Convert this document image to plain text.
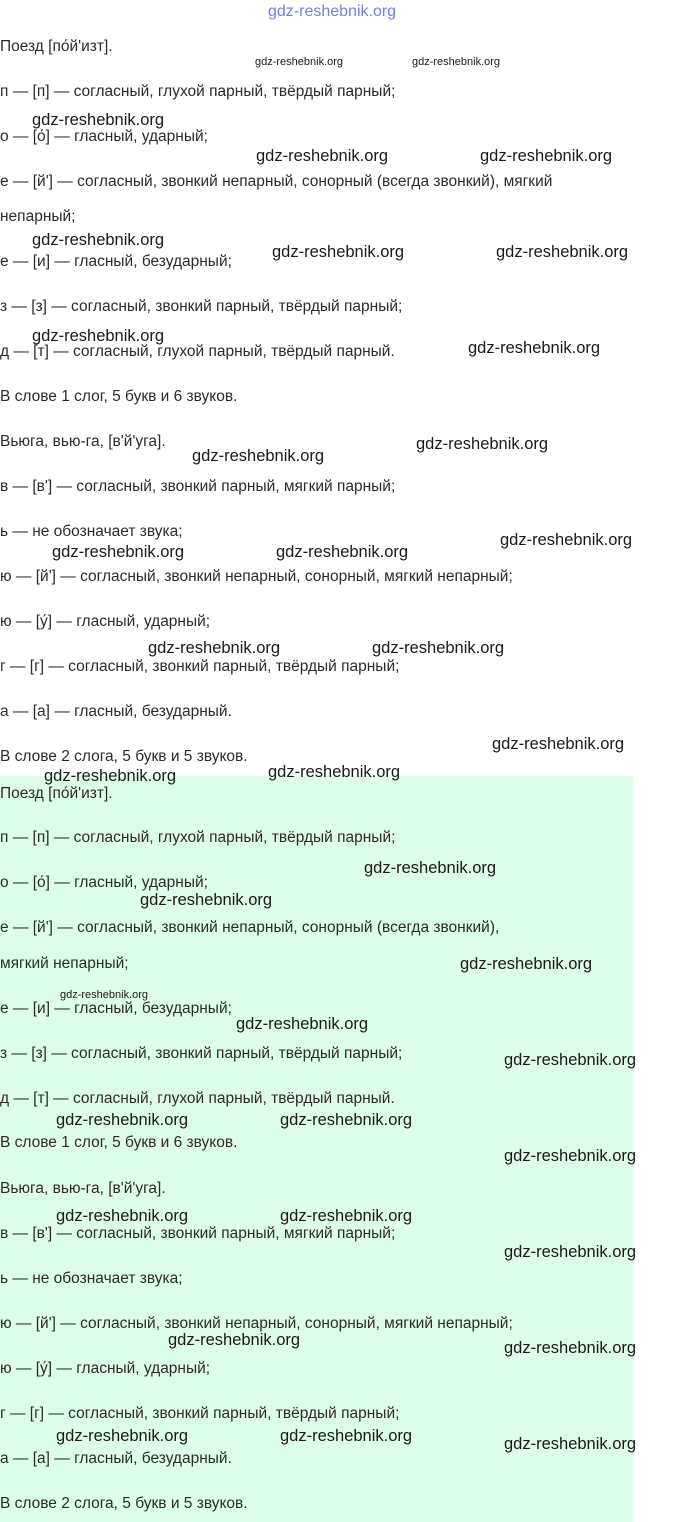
gdz-reshebnik.org
Поезд [по́й'изт].
п — [п] — согласный, глухой парный, твёрдый парный;
о — [о́] — гласный, ударный;
е — [й'] — согласный, звонкий непарный, сонорный (всегда звонкий), мягкий
непарный;
е — [и] — гласный, безударный;
з — [з] — согласный, звонкий парный, твёрдый парный;
д — [т] — согласный, глухой парный, твёрдый парный.
В слове 1 слог, 5 букв и 6 звуков.
Вьюга, вью-га, [в'й'уга].
в — [в'] — согласный, звонкий парный, мягкий парный;
ь — не обозначает звука;
ю — [й'] — согласный, звонкий непарный, сонорный, мягкий непарный;
ю — [у́] — гласный, ударный;
г — [г] — согласный, звонкий парный, твёрдый парный;
а — [а] — гласный, безударный.
В слове 2 слога, 5 букв и 5 звуков.
Поезд [по́й'изт].
п — [п] — согласный, глухой парный, твёрдый парный;
о — [о́] — гласный, ударный;
е — [й'] — согласный, звонкий непарный, сонорный (всегда звонкий),
мягкий непарный;
е — [и] — гласный, безударный;
з — [з] — согласный, звонкий парный, твёрдый парный;
д — [т] — согласный, глухой парный, твёрдый парный.
В слове 1 слог, 5 букв и 6 звуков.
Вьюга, вью-га, [в'й'уга].
в — [в'] — согласный, звонкий парный, мягкий парный;
ь — не обозначает звука;
ю — [й'] — согласный, звонкий непарный, сонорный, мягкий непарный;
ю — [у́] — гласный, ударный;
г — [г] — согласный, звонкий парный, твёрдый парный;
а — [а] — гласный, безударный.
В слове 2 слога, 5 букв и 5 звуков.
gdz-reshebnik.org	gdz-reshebnik.org
gdz-reshebnik.org
gdz-reshebnik.org	gdz-reshebnik.org
gdz-reshebnik.org
gdz-reshebnik.org	gdz-reshebnik.org
gdz-reshebnik.org
gdz-reshebnik.org
gdz-reshebnik.org
gdz-reshebnik.org
gdz-reshebnik.org
gdz-reshebnik.org	gdz-reshebnik.org
gdz-reshebnik.org	gdz-reshebnik.org
gdz-reshebnik.org
gdz-reshebnik.org	gdz-reshebnik.org
gdz-reshebnik.org
gdz-reshebnik.org
gdz-reshebnik.org
gdz-reshebnik.org
gdz-reshebnik.org
gdz-reshebnik.org
gdz-reshebnik.org	gdz-reshebnik.org
gdz-reshebnik.org
gdz-reshebnik.org	gdz-reshebnik.org
gdz-reshebnik.org
gdz-reshebnik.org	gdz-reshebnik.org
gdz-reshebnik.org	gdz-reshebnik.org	gdz-reshebnik.org
